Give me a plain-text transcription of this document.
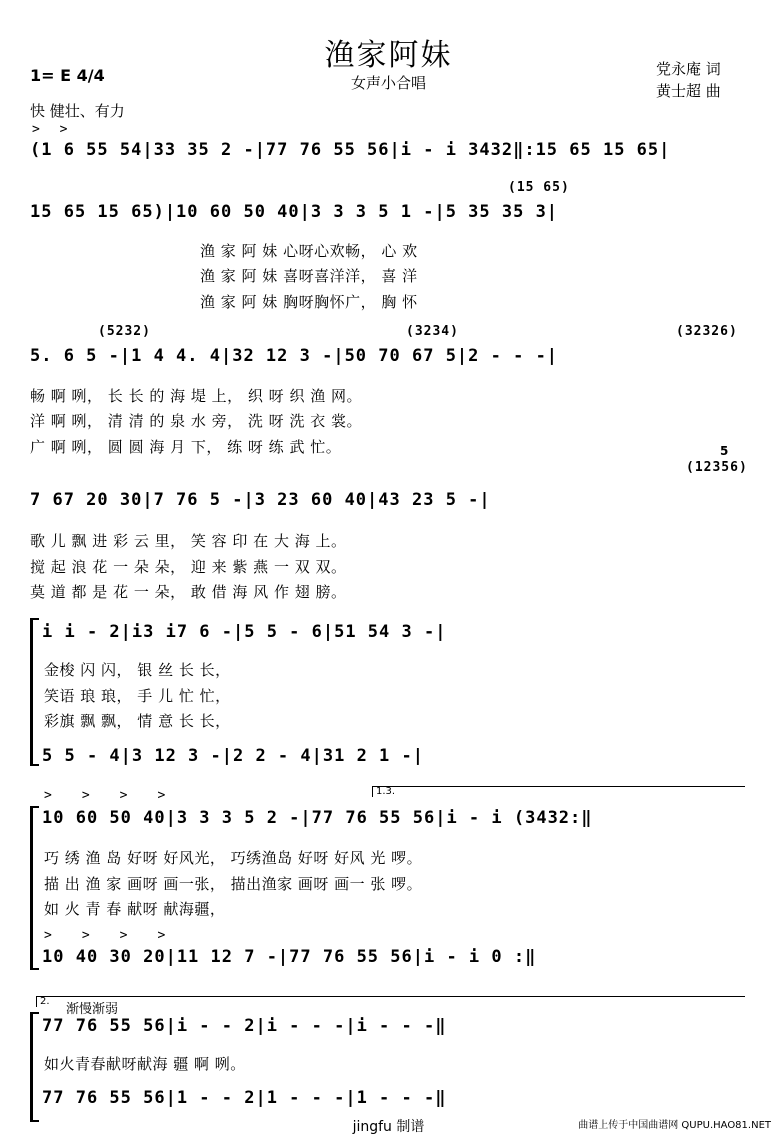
渔家阿妹
女声小合唱
党永庵 词
黄士超 曲
1= E 4/4
快 健壮、有力
> >
(1 6 55 54|33 35 2 -|77 76 55 56|i - i 3432‖:15 65 15 65|
(15 65)
15 65 15 65)|10 60 50 40|3 3 3 5 1 -|5 35 35 3|
渔 家 阿 妹 心呀心欢畅， 心 欢
渔 家 阿 妹 喜呀喜洋洋， 喜 洋
渔 家 阿 妹 胸呀胸怀广， 胸 怀
(5232)	(3234)	(32326)
5. 6 5 -|1 4 4. 4|32 12 3 -|50 70 67 5|2 - - -|
畅 啊 咧， 长 长 的 海 堤 上， 织 呀 织 渔 网。
洋 啊 咧， 清 清 的 泉 水 旁， 洗 呀 洗 衣 裳。
广 啊 咧， 圆 圆 海 月 下， 练 呀 练 武 忙。	5
(12356)
7 67 20 30|7 76 5 -|3 23 60 40|43 23 5 -|
歌 儿 飘 进 彩 云 里， 笑 容 印 在 大 海 上。
搅 起 浪 花 一 朵 朵， 迎 来 紫 燕 一 双 双。
莫 道 都 是 花 一 朵， 敢 借 海 风 作 翅 膀。
i i - 2|i3 i7 6 -|5 5 - 6|51 54 3 -|
金梭 闪 闪， 银 丝 长 长，
笑语 琅 琅， 手 儿 忙 忙，
彩旗 飘 飘， 情 意 长 长，
5 5 - 4|3 12 3 -|2 2 - 4|31 2 1 -|
1.3.
>>>>
10 60 50 40|3 3 3 5 2 -|77 76 55 56|i - i (3432:‖
巧 绣 渔 岛 好呀 好风光， 巧绣渔岛 好呀 好风 光 啰。
描 出 渔 家 画呀 画一张， 描出渔家 画呀 画一 张 啰。
如 火 青 春 献呀 献海疆，
>>>>
10 40 30 20|11 12 7 -|77 76 55 56|i - i 0 :‖
2.
渐慢渐弱
77 76 55 56|i - - 2|i - - -|i - - -‖
如火青春献呀献海 疆 啊 咧。
77 76 55 56|1 - - 2|1 - - -|1 - - -‖
jingfu 制谱	曲谱上传于中国曲谱网 QUPU.HAO81.NET
